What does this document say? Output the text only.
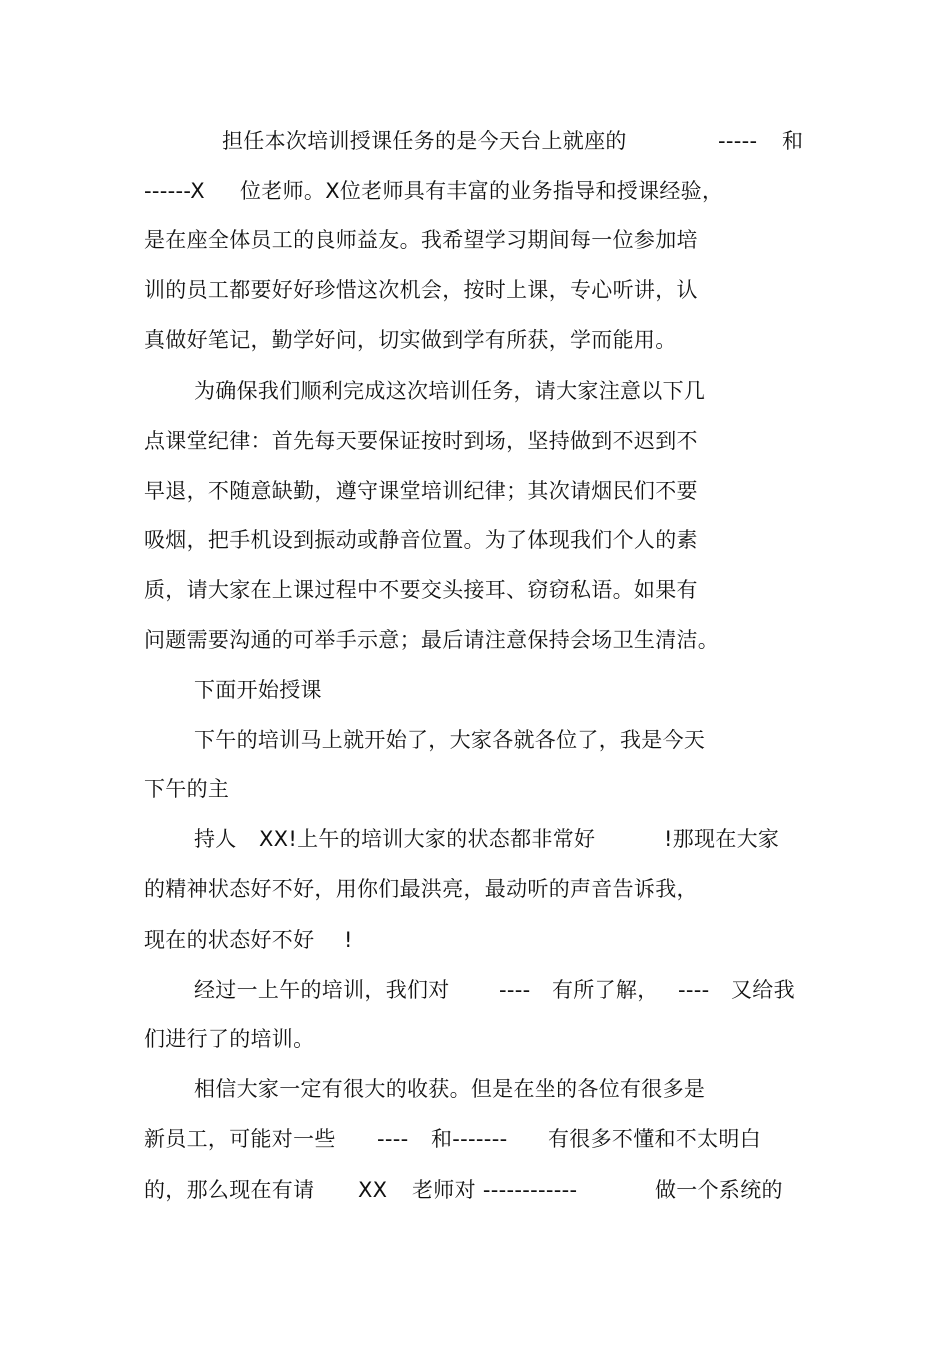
担任本次培训授课任务的是今天台上就座的	----- 和
------X 位老师。X位老师具有丰富的业务指导和授课经验，
是在座全体员工的良师益友。我希望学习期间每一位参加培
训的员工都要好好珍惜这次机会，按时上课，专心听讲，认
真做好笔记，勤学好问，切实做到学有所获，学而能用。
为确保我们顺利完成这次培训任务，请大家注意以下几
点课堂纪律：首先每天要保证按时到场，坚持做到不迟到不
早退，不随意缺勤，遵守课堂培训纪律；其次请烟民们不要
吸烟，把手机设到振动或静音位置。为了体现我们个人的素
质，请大家在上课过程中不要交头接耳、窃窃私语。如果有
问题需要沟通的可举手示意；最后请注意保持会场卫生清洁。
下面开始授课
下午的培训马上就开始了，大家各就各位了，我是今天
下午的主
持人 XX!上午的培训大家的状态都非常好	!那现在大家
的精神状态好不好，用你们最洪亮，最动听的声音告诉我，
现在的状态好不好 !
经过一上午的培训，我们对 ---- 有所了解， ---- 又给我
们进行了的培训。
相信大家一定有很大的收获。但是在坐的各位有很多是
新员工，可能对一些 ---- 和------- 有很多不懂和不太明白
的，那么现在有请 XX 老师对 ------------	做一个系统的
